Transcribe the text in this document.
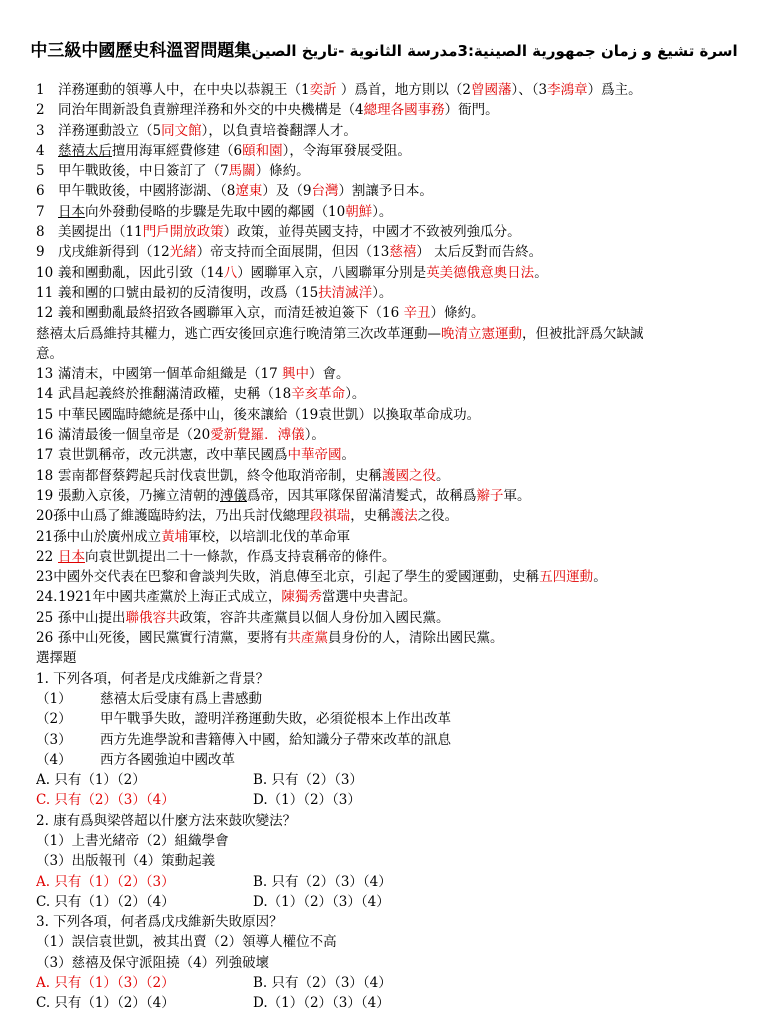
中三級中國歷史科溫習問題集اسرة تشيغ و زمان جمهورية الصينية:3مدرسة الثانوية -تاريخ الصين
1 洋務運動的領導人中，在中央以恭親王（1奕訢 ）爲首，地方則以（2曾國藩）、（3李鴻章）爲主。
2 同治年間新設負責辦理洋務和外交的中央機構是（4總理各國事務）衙門。
3 洋務運動設立（5同文館），以負責培養翻譯人才。
4 慈禧太后擅用海軍經費修建（6頤和園），令海軍發展受阻。
5 甲午戰敗後，中日簽訂了（7馬關）條約。
6 甲午戰敗後，中國將澎湖、（8遼東）及（9台灣）割讓予日本。
7 日本向外發動侵略的步驟是先取中國的鄰國（10朝鮮）。
8 美國提出（11門戶開放政策）政策，並得英國支持，中國才不致被列強瓜分。
9 戊戌維新得到（12光緒）帝支持而全面展開，但因（13慈禧） 太后反對而告終。
10 義和團動亂，因此引致（14八）國聯軍入京，八國聯軍分別是英美德俄意奧日法。
11 義和團的口號由最初的反清復明，改爲（15扶清滅洋）。
12 義和團動亂最終招致各國聯軍入京，而清廷被迫簽下（16 辛丑）條約。
慈禧太后爲維持其權力，逃亡西安後回京進行晚清第三次改革運動—晚清立憲運動，但被批評爲欠缺誠
意。
13 滿清末，中國第一個革命組織是（17 興中）會。
14 武昌起義終於推翻滿清政權，史稱（18辛亥革命）。
15 中華民國臨時總統是孫中山，後來讓給（19袁世凱）以換取革命成功。
16 滿清最後一個皇帝是（20愛新覺羅．溥儀）。
17 袁世凱稱帝，改元洪憲，改中華民國爲中華帝國。
18 雲南都督蔡鍔起兵討伐袁世凱，終令他取消帝制，史稱護國之役。
19 張勳入京後，乃擁立清朝的溥儀爲帝，因其軍隊保留滿清髮式，故稱爲辮子軍。
20孫中山爲了維護臨時約法，乃出兵討伐總理段祺瑞，史稱護法之役。
21孫中山於廣州成立黃埔軍校，以培訓北伐的革命軍
22 日本向袁世凱提出二十一條款，作爲支持袁稱帝的條件。
23中國外交代表在巴黎和會談判失敗，消息傳至北京，引起了學生的愛國運動，史稱五四運動。
24.1921年中國共產黨於上海正式成立，陳獨秀當選中央書記。
25 孫中山提出聯俄容共政策，容許共產黨員以個人身份加入國民黨。
26 孫中山死後，國民黨實行清黨，要將有共產黨員身份的人，清除出國民黨。
選擇題
1. 下列各項，何者是戊戌維新之背景？
（1） 慈禧太后受康有爲上書感動
（2） 甲午戰爭失敗，證明洋務運動失敗，必須從根本上作出改革
（3） 西方先進學說和書籍傳入中國，給知識分子帶來改革的訊息
（4） 西方各國強迫中國改革
A. 只有（1）（2）	B. 只有（2）（3）
C. 只有（2）（3）（4）	D.（1）（2）（3）
2. 康有爲與梁啓超以什麼方法來鼓吹變法？
（1）上書光緒帝（2）組織學會
（3）出版報刊（4）策動起義
A. 只有（1）（2）（3）	B. 只有（2）（3）（4）
C. 只有（1）（2）（4）	D.（1）（2）（3）（4）
3. 下列各項，何者爲戊戌維新失敗原因？
（1）誤信袁世凱，被其出賣（2）領導人權位不高
（3）慈禧及保守派阻撓（4）列強破壞
A. 只有（1）（3）（2）	B. 只有（2）（3）（4）
C. 只有（1）（2）（4）	D.（1）（2）（3）（4）
